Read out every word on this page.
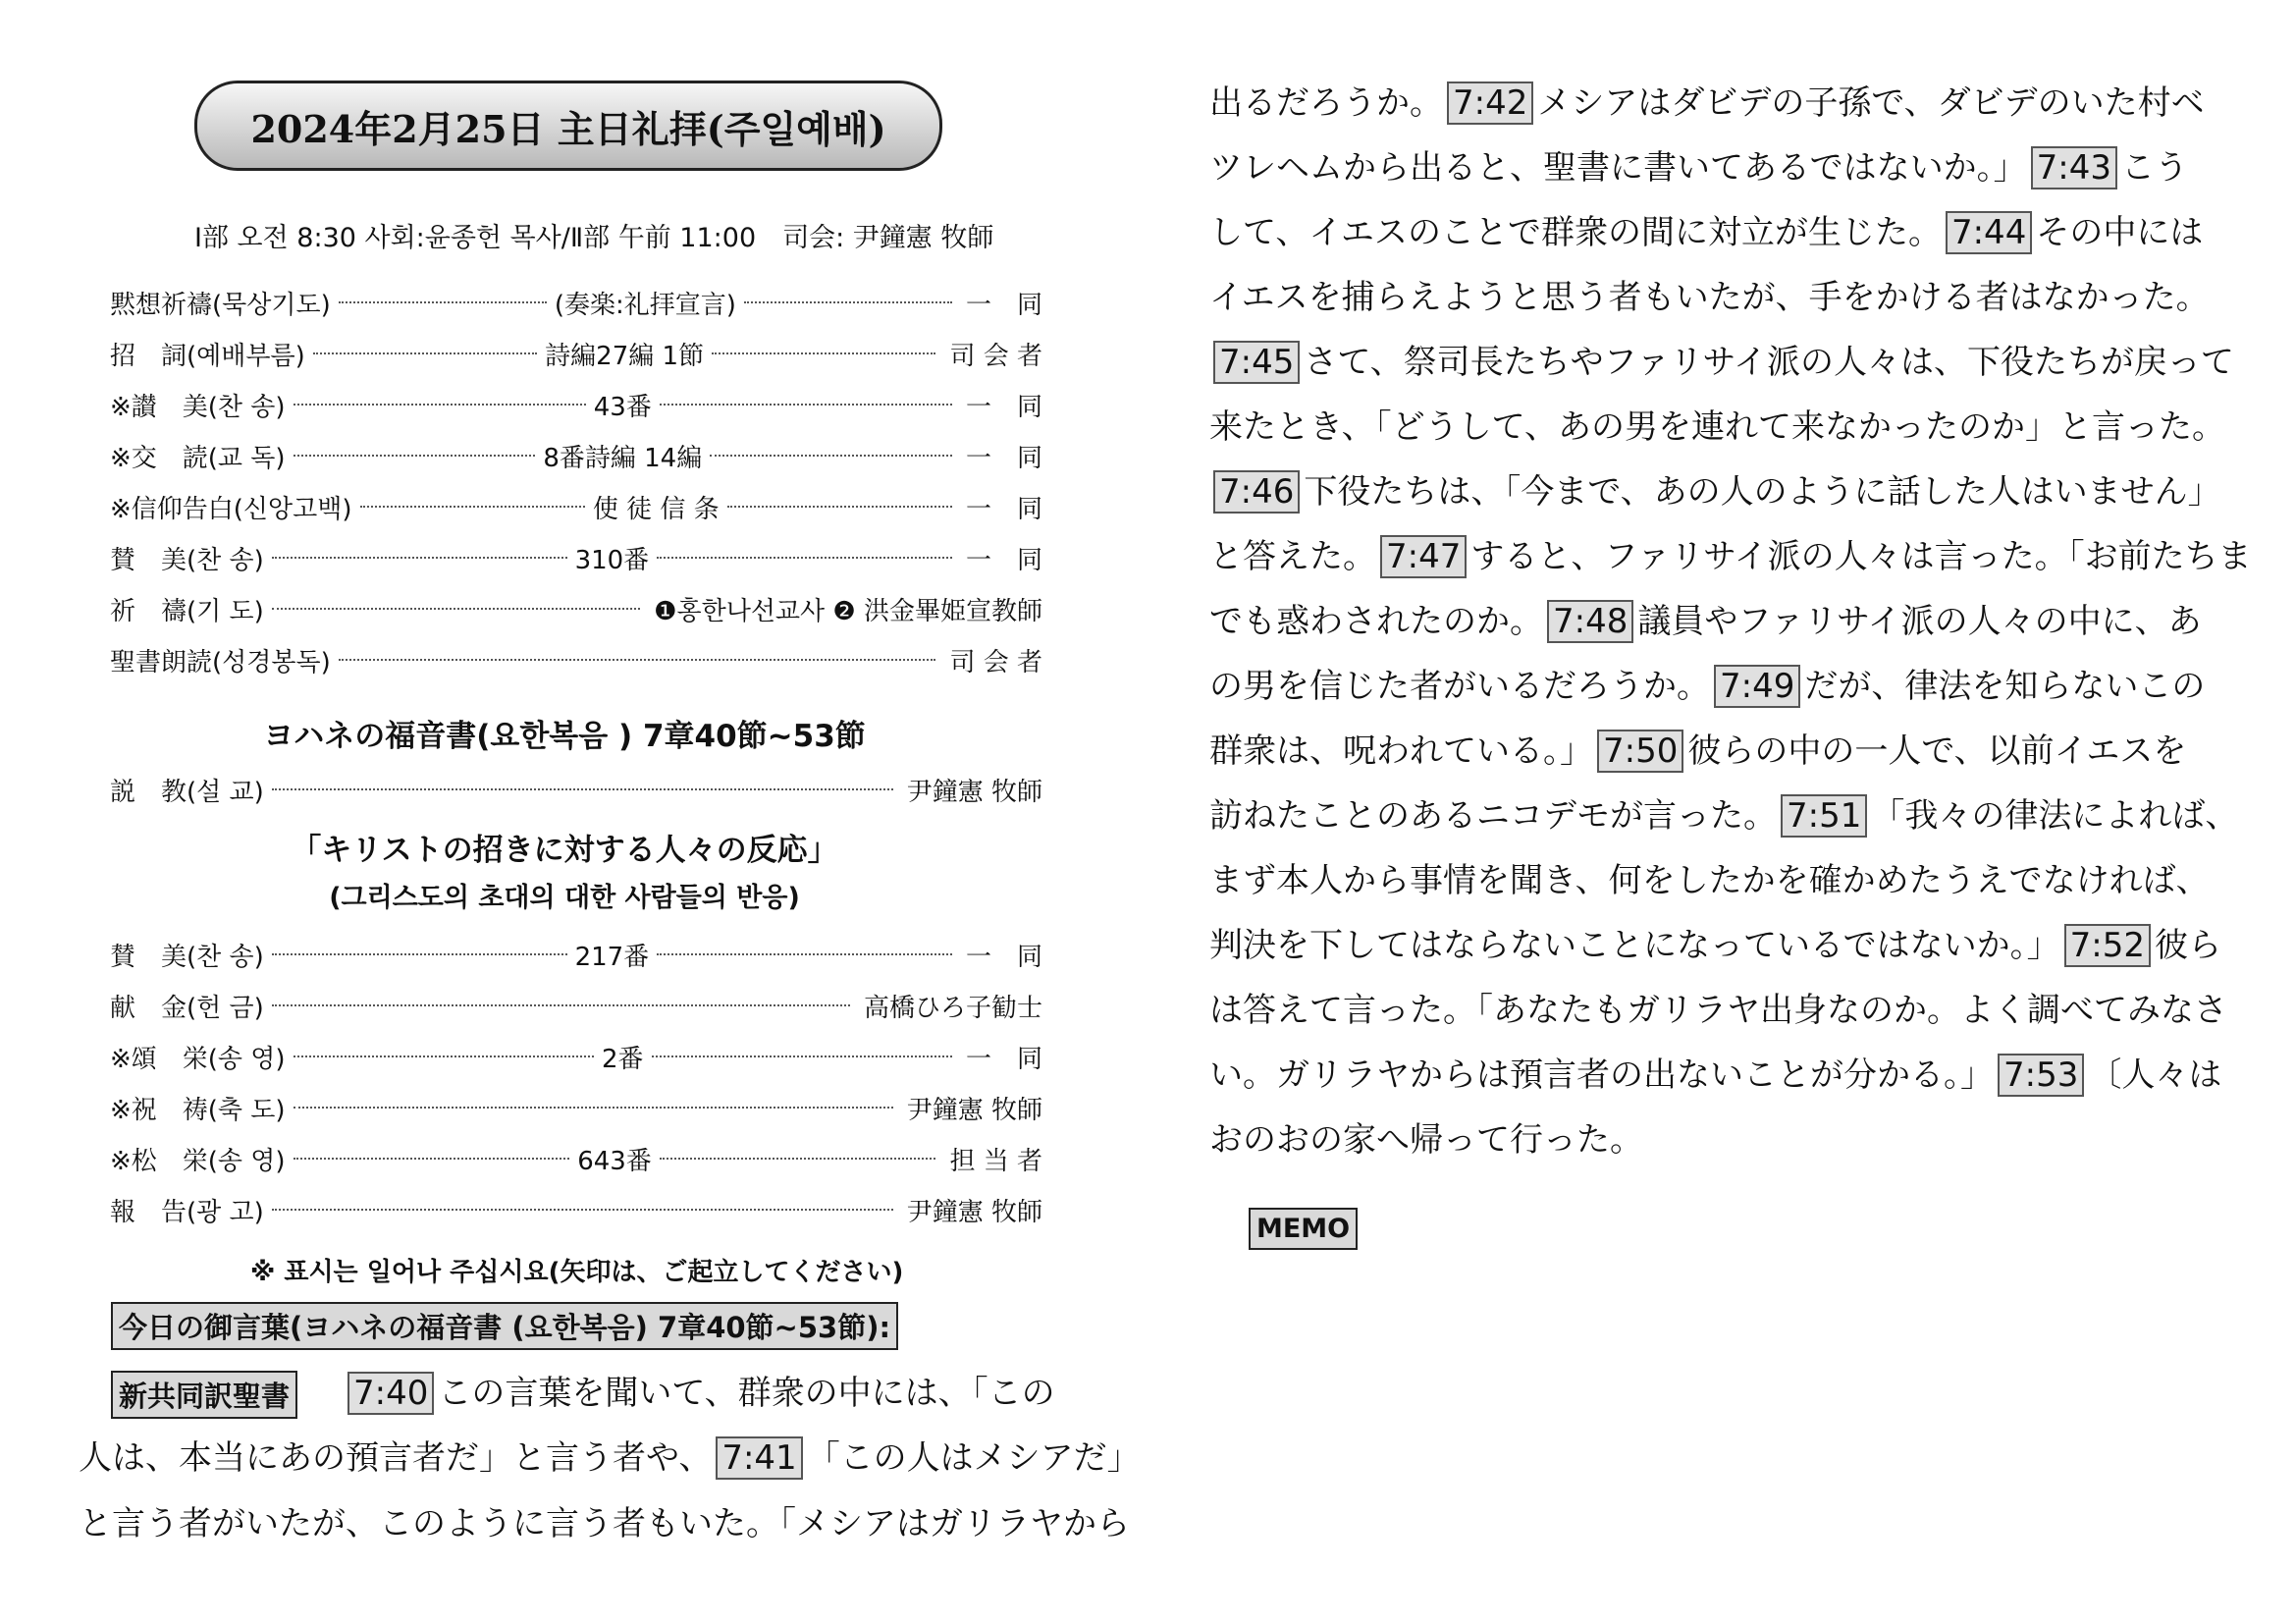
2024年2月25日 主日礼拝(주일예배)
Ⅰ部 오전 8:30 사회:윤종헌 목사/Ⅱ部 午前 11:00　司会: 尹鐘憲 牧師
黙想祈禱(묵상기도)	(奏楽:礼拝宣言)	一　同
招　詞(예배부름)	詩編27編 1節	司 会 者
※讃　美(찬 송)	43番	一　同
※交　読(교 독)	8番詩編 14編	一　同
※信仰告白(신앙고백)	使 徒 信 条	一　同
賛　美(찬 송)	310番	一　同
祈　禱(기 도)	❶홍한나선교사 ❷ 洪金畢姫宣教師
聖書朗読(성경봉독)	司 会 者
ヨハネの福音書(요한복음 ) 7章40節~53節
説　教(설 교)	尹鐘憲 牧師
「キリストの招きに対する人々の反応」
(그리스도의 초대의 대한 사람들의 반응)
賛　美(찬 송)	217番	一　同
献　金(헌 금)	高橋ひろ子勧士
※頌　栄(송 영)	2番	一　同
※祝　祷(축 도)	尹鐘憲 牧師
※松　栄(송 영)	643番	担 当 者
報　告(광 고)	尹鐘憲 牧師
※ 표시는 일어나 주십시요(矢印は、ご起立してください)
今日の御言葉(ヨハネの福音書 (요한복음) 7章40節~53節):
新共同訳聖書 7:40 この言葉を聞いて、群衆の中には、「この
人は、本当にあの預言者だ」と言う者や、 7:41 「この人はメシアだ」
と言う者がいたが、このように言う者もいた。「メシアはガリラヤから
出るだろうか。 7:42 メシアはダビデの子孫で、ダビデのいた村ベ
ツレヘムから出ると、聖書に書いてあるではないか。」 7:43 こう
して、イエスのことで群衆の間に対立が生じた。 7:44 その中には
イエスを捕らえようと思う者もいたが、手をかける者はなかった。
7:45 さて、祭司長たちやファリサイ派の人々は、下役たちが戻って
来たとき、「どうして、あの男を連れて来なかったのか」と言った。
7:46 下役たちは、「今まで、あの人のように話した人はいません」
と答えた。 7:47 すると、ファリサイ派の人々は言った。「お前たちま
でも惑わされたのか。 7:48 議員やファリサイ派の人々の中に、あ
の男を信じた者がいるだろうか。 7:49 だが、律法を知らないこの
群衆は、呪われている。」 7:50 彼らの中の一人で、以前イエスを
訪ねたことのあるニコデモが言った。 7:51 「我々の律法によれば、
まず本人から事情を聞き、何をしたかを確かめたうえでなければ、
判決を下してはならないことになっているではないか。」 7:52 彼ら
は答えて言った。「あなたもガリラヤ出身なのか。よく調べてみなさ
い。ガリラヤからは預言者の出ないことが分かる。」 7:53 〔人々は
おのおの家へ帰って行った。
MEMO
